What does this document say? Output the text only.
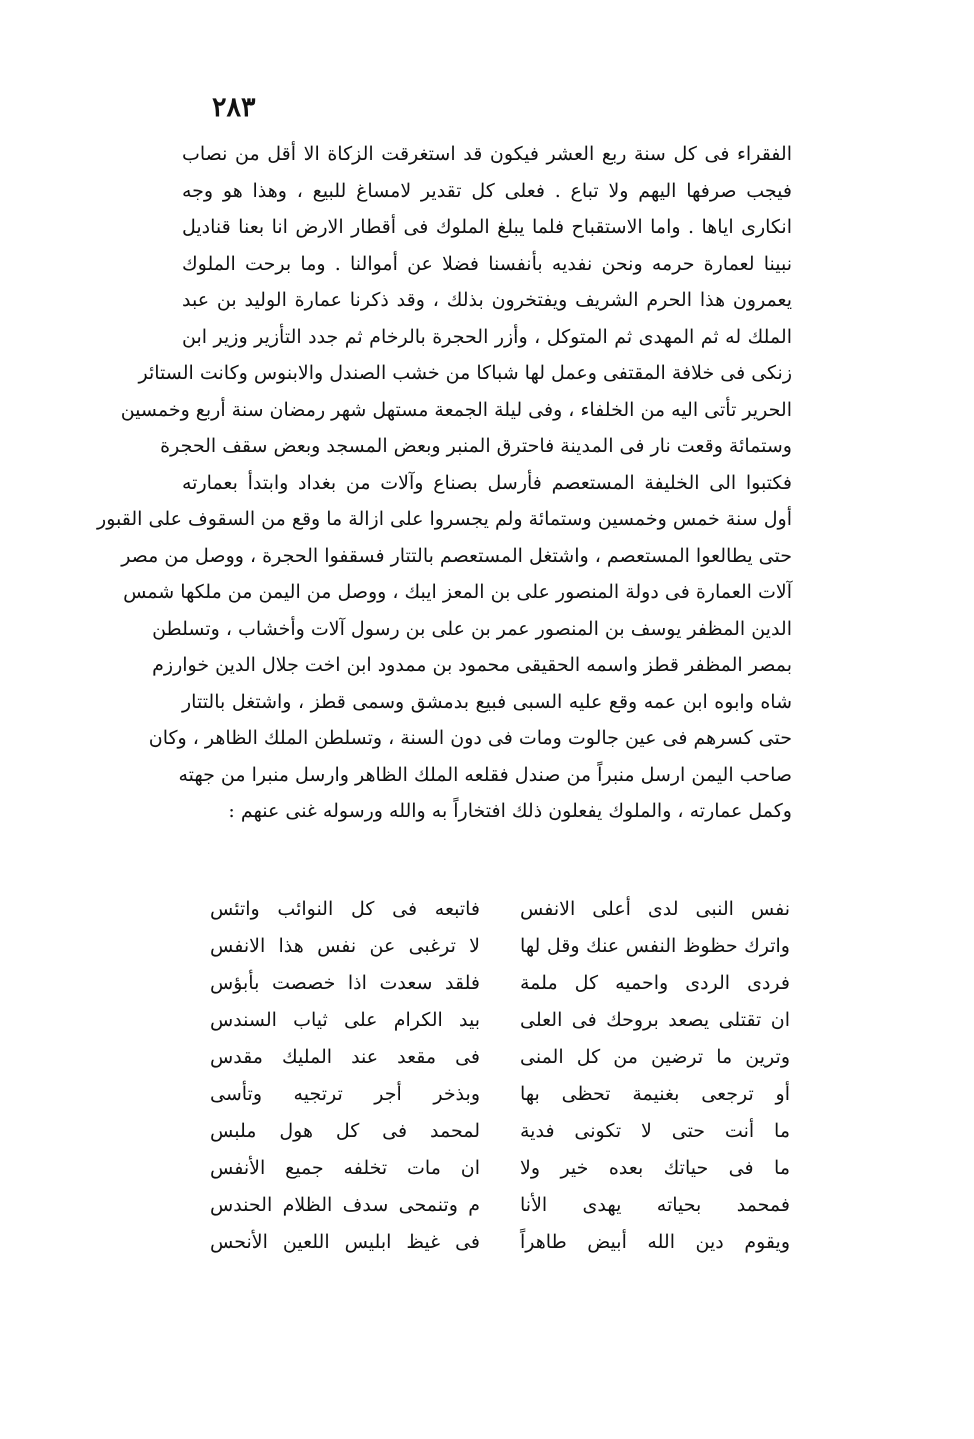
٢٨٣
الفقراء فى كل سنة ربع العشر فيكون قد استغرقت الزكاة الا أقل من نصاب
فيجب صرفها اليهم ولا تباع . فعلى كل تقدير لامساغ للبيع ، وهذا هو وجه
انكارى اياها . واما الاستقباح فلما يبلغ الملوك فى أقطار الارض انا بعنا قناديل
نبينا لعمارة حرمه ونحن نفديه بأنفسنا فضلا عن أموالنا . وما برحت الملوك
يعمرون هذا الحرم الشريف ويفتخرون بذلك ، وقد ذكرنا عمارة الوليد بن عبد
الملك له ثم المهدى ثم المتوكل ، وأزر الحجرة بالرخام ثم جدد التأزير وزير ابن
زنكى فى خلافة المقتفى وعمل لها شباكا من خشب الصندل والابنوس وكانت الستائر
الحرير تأتى اليه من الخلفاء ، وفى ليلة الجمعة مستهل شهر رمضان سنة أربع وخمسين
وستمائة وقعت نار فى المدينة فاحترق المنبر وبعض المسجد وبعض سقف الحجرة
فكتبوا الى الخليفة المستعصم فأرسل بصناع وآلات من بغداد وابتدأ بعمارته
أول سنة خمس وخمسين وستمائة ولم يجسروا على ازالة ما وقع من السقوف على القبور
حتى يطالعوا المستعصم ، واشتغل المستعصم بالتتار فسقفوا الحجرة ، ووصل من مصر
آلات العمارة فى دولة المنصور على بن المعز ايبك ، ووصل من اليمن من ملكها شمس
الدين المظفر يوسف بن المنصور عمر بن على بن رسول آلات وأخشاب ، وتسلطن
بمصر المظفر قطز واسمه الحقيقى محمود بن ممدود ابن اخت جلال الدين خوارزم
شاه وابوه ابن عمه وقع عليه السبى فبيع بدمشق وسمى قطز ، واشتغل بالتتار
حتى كسرهم فى عين جالوت ومات فى دون السنة ، وتسلطن الملك الظاهر ، وكان
صاحب اليمن ارسل منبراً من صندل فقلعه الملك الظاهر وارسل منبرا من جهته
وكمل عمارته ، والملوك يفعلون ذلك افتخاراً به والله ورسوله غنى عنهم :
نفس النبى لدى أعلى الانفس
فاتبعه فى كل النوائب واتئس
واترك حظوظ النفس عنك وقل لها
لا ترغبى عن نفس هذا الانفس
فردى الردى واحميه كل ملمة
فلقد سعدت اذا خصصت بأبؤس
ان تقتلى يصعد بروحك فى العلى
بيد الكرام على ثياب السندس
وترين ما ترضين من كل المنى
فى مقعد عند المليك مقدس
أو ترجعى بغنيمة تحظى بها
وبذخر أجر ترتجيه وتأسى
ما أنت حتى لا تكونى فدية
لمحمد فى كل هول ملبس
ما فى حياتك بعده خير ولا
ان مات تخلفه جميع الأنفس
فمحمد بحياته يهدى الأنا
م وتنمحى سدف الظلام الحندس
ويقوم دين الله أبيض طاهراً
فى غيظ ابليس اللعين الأنحس
